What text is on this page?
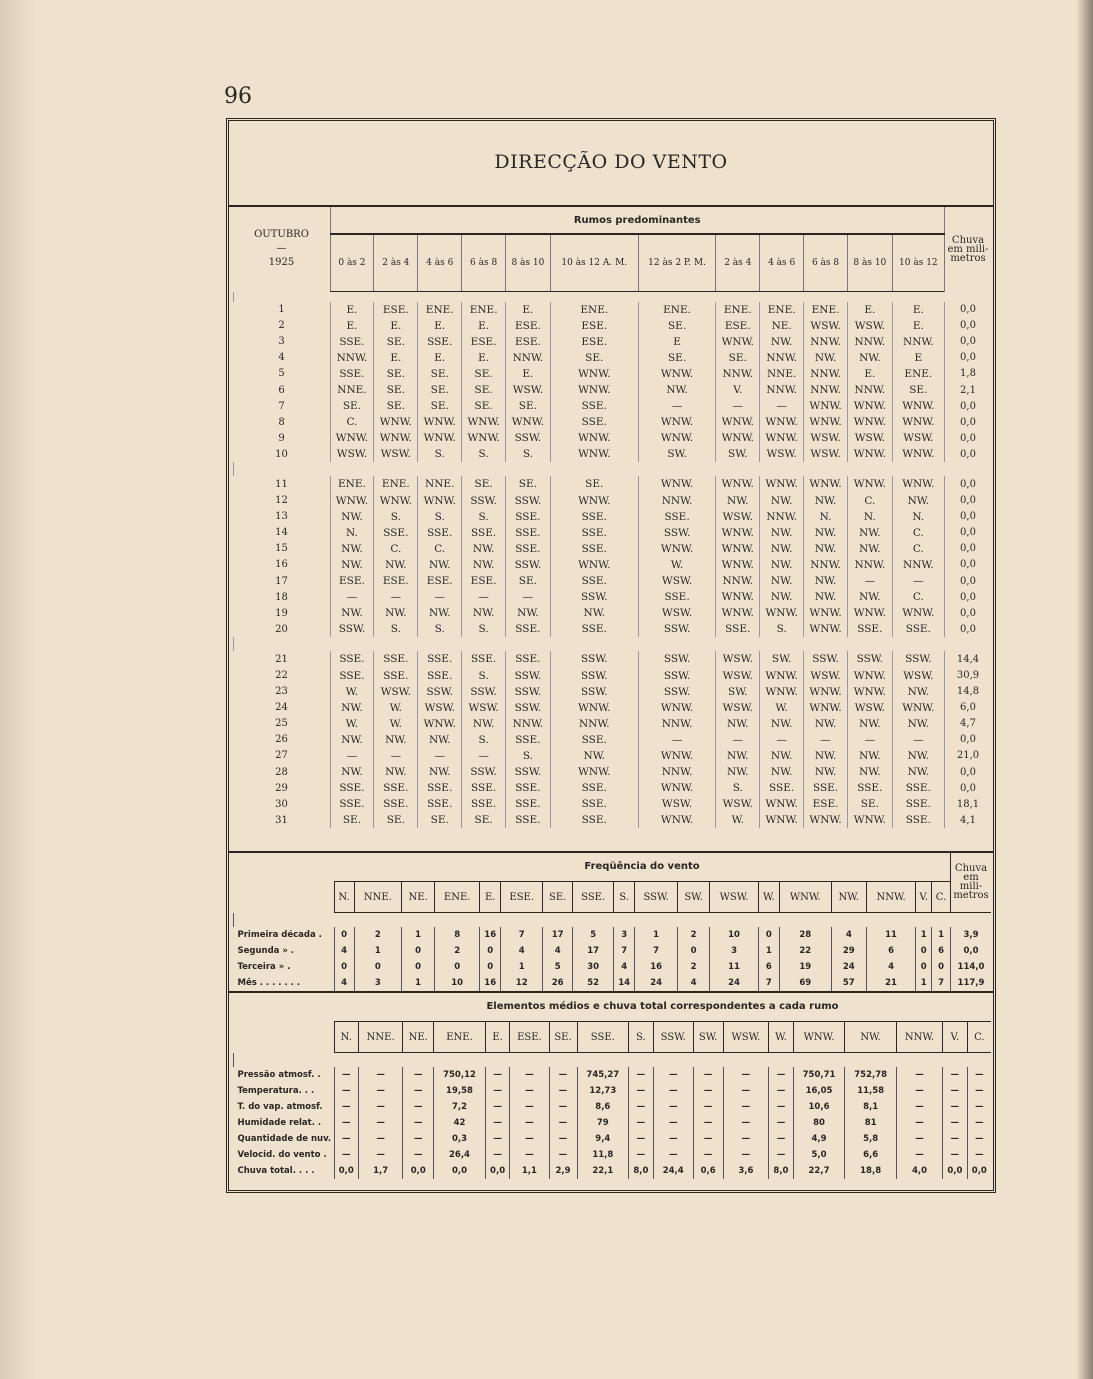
96
DIRECÇÃO DO VENTO
OUTUBRO
—
1925	Rumos predominantes												Chuva em mili- metros
	0 às 2	2 às 4	4 às 6	6 às 8	8 às 10	10 às 12 A. M.	12 às 2 P. M.	2 às 4	4 às 6	6 às 8	8 às 10	10 às 12	

1	E.	ESE.	ENE.	ENE.	E.	ENE.	ENE.	ENE.	ENE.	ENE.	E.	E.	0,0
2	E.	E.	E.	E.	ESE.	ESE.	SE.	ESE.	NE.	WSW.	WSW.	E.	0,0
3	SSE.	SE.	SSE.	ESE.	ESE.	ESE.	E	WNW.	NW.	NNW.	NNW.	NNW.	0,0
4	NNW.	E.	E.	E.	NNW.	SE.	SE.	SE.	NNW.	NW.	NW.	E	0,0
5	SSE.	SE.	SE.	SE.	E.	WNW.	WNW.	NNW.	NNE.	NNW.	E.	ENE.	1,8
6	NNE.	SE.	SE.	SE.	WSW.	WNW.	NW.	V.	NNW.	NNW.	NNW.	SE.	2,1
7	SE.	SE.	SE.	SE.	SE.	SSE.	—	—	—	WNW.	WNW.	WNW.	0,0
8	C.	WNW.	WNW.	WNW.	WNW.	SSE.	WNW.	WNW.	WNW.	WNW.	WNW.	WNW.	0,0
9	WNW.	WNW.	WNW.	WNW.	SSW.	WNW.	WNW.	WNW.	WNW.	WSW.	WSW.	WSW.	0,0
10	WSW.	WSW.	S.	S.	S.	WNW.	SW.	SW.	WSW.	WSW.	WNW.	WNW.	0,0

11	ENE.	ENE.	NNE.	SE.	SE.	SE.	WNW.	WNW.	WNW.	WNW.	WNW.	WNW.	0,0
12	WNW.	WNW.	WNW.	SSW.	SSW.	WNW.	NNW.	NW.	NW.	NW.	C.	NW.	0,0
13	NW.	S.	S.	S.	SSE.	SSE.	SSE.	WSW.	NNW.	N.	N.	N.	0,0
14	N.	SSE.	SSE.	SSE.	SSE.	SSE.	SSW.	WNW.	NW.	NW.	NW.	C.	0,0
15	NW.	C.	C.	NW.	SSE.	SSE.	WNW.	WNW.	NW.	NW.	NW.	C.	0,0
16	NW.	NW.	NW.	NW.	SSW.	WNW.	W.	WNW.	NW.	NNW.	NNW.	NNW.	0,0
17	ESE.	ESE.	ESE.	ESE.	SE.	SSE.	WSW.	NNW.	NW.	NW.	—	—	0,0
18	—	—	—	—	—	SSW.	SSE.	WNW.	NW.	NW.	NW.	C.	0,0
19	NW.	NW.	NW.	NW.	NW.	NW.	WSW.	WNW.	WNW.	WNW.	WNW.	WNW.	0,0
20	SSW.	S.	S.	S.	SSE.	SSE.	SSW.	SSE.	S.	WNW.	SSE.	SSE.	0,0

21	SSE.	SSE.	SSE.	SSE.	SSE.	SSW.	SSW.	WSW.	SW.	SSW.	SSW.	SSW.	14,4
22	SSE.	SSE.	SSE.	S.	SSW.	SSW.	SSW.	WSW.	WNW.	WSW.	WNW.	WSW.	30,9
23	W.	WSW.	SSW.	SSW.	SSW.	SSW.	SSW.	SW.	WNW.	WNW.	WNW.	NW.	14,8
24	NW.	W.	WSW.	WSW.	SSW.	WNW.	WNW.	WSW.	W.	WNW.	WSW.	WNW.	6,0
25	W.	W.	WNW.	NW.	NNW.	NNW.	NNW.	NW.	NW.	NW.	NW.	NW.	4,7
26	NW.	NW.	NW.	S.	SSE.	SSE.	—	—	—	—	—	—	0,0
27	—	—	—	—	S.	NW.	WNW.	NW.	NW.	NW.	NW.	NW.	21,0
28	NW.	NW.	NW.	SSW.	SSW.	WNW.	NNW.	NW.	NW.	NW.	NW.	NW.	0,0
29	SSE.	SSE.	SSE.	SSE.	SSE.	SSE.	WNW.	S.	SSE.	SSE.	SSE.	SSE.	0,0
30	SSE.	SSE.	SSE.	SSE.	SSE.	SSE.	WSW.	WSW.	WNW.	ESE.	SE.	SSE.	18,1
31	SE.	SE.	SE.	SE.	SSE.	SSE.	WNW.	W.	WNW.	WNW.	WNW.	SSE.	4,1
	Freqüência do vento																		Chuva em mili- metros
	N.	NNE.	NE.	ENE.	E.	ESE.	SE.	SSE.	S.	SSW.	SW.	WSW.	W.	WNW.	NW.	NNW.	V.	C.	

Primeira década .	0	2	1	8	16	7	17	5	3	1	2	10	0	28	4	11	1	1	3,9
Segunda » .	4	1	0	2	0	4	4	17	7	7	0	3	1	22	29	6	0	6	0,0
Terceira » .	0	0	0	0	0	1	5	30	4	16	2	11	6	19	24	4	0	0	114,0
Mês . . . . . . .	4	3	1	10	16	12	26	52	14	24	4	24	7	69	57	21	1	7	117,9
	Elementos médios e chuva total correspondentes a cada rumo																	
	N.	NNE.	NE.	ENE.	E.	ESE.	SE.	SSE.	S.	SSW.	SW.	WSW.	W.	WNW.	NW.	NNW.	V.	C.

Pressão atmosf. .	—	—	—	750,12	—	—	—	745,27	—	—	—	—	—	750,71	752,78	—	—	—
Temperatura. . .	—	—	—	19,58	—	—	—	12,73	—	—	—	—	—	16,05	11,58	—	—	—
T. do vap. atmosf.	—	—	—	7,2	—	—	—	8,6	—	—	—	—	—	10,6	8,1	—	—	—
Humidade relat. .	—	—	—	42	—	—	—	79	—	—	—	—	—	80	81	—	—	—
Quantidade de nuv.	—	—	—	0,3	—	—	—	9,4	—	—	—	—	—	4,9	5,8	—	—	—
Velocid. do vento .	—	—	—	26,4	—	—	—	11,8	—	—	—	—	—	5,0	6,6	—	—	—
Chuva total. . . .	0,0	1,7	0,0	0,0	0,0	1,1	2,9	22,1	8,0	24,4	0,6	3,6	8,0	22,7	18,8	4,0	0,0	0,0
